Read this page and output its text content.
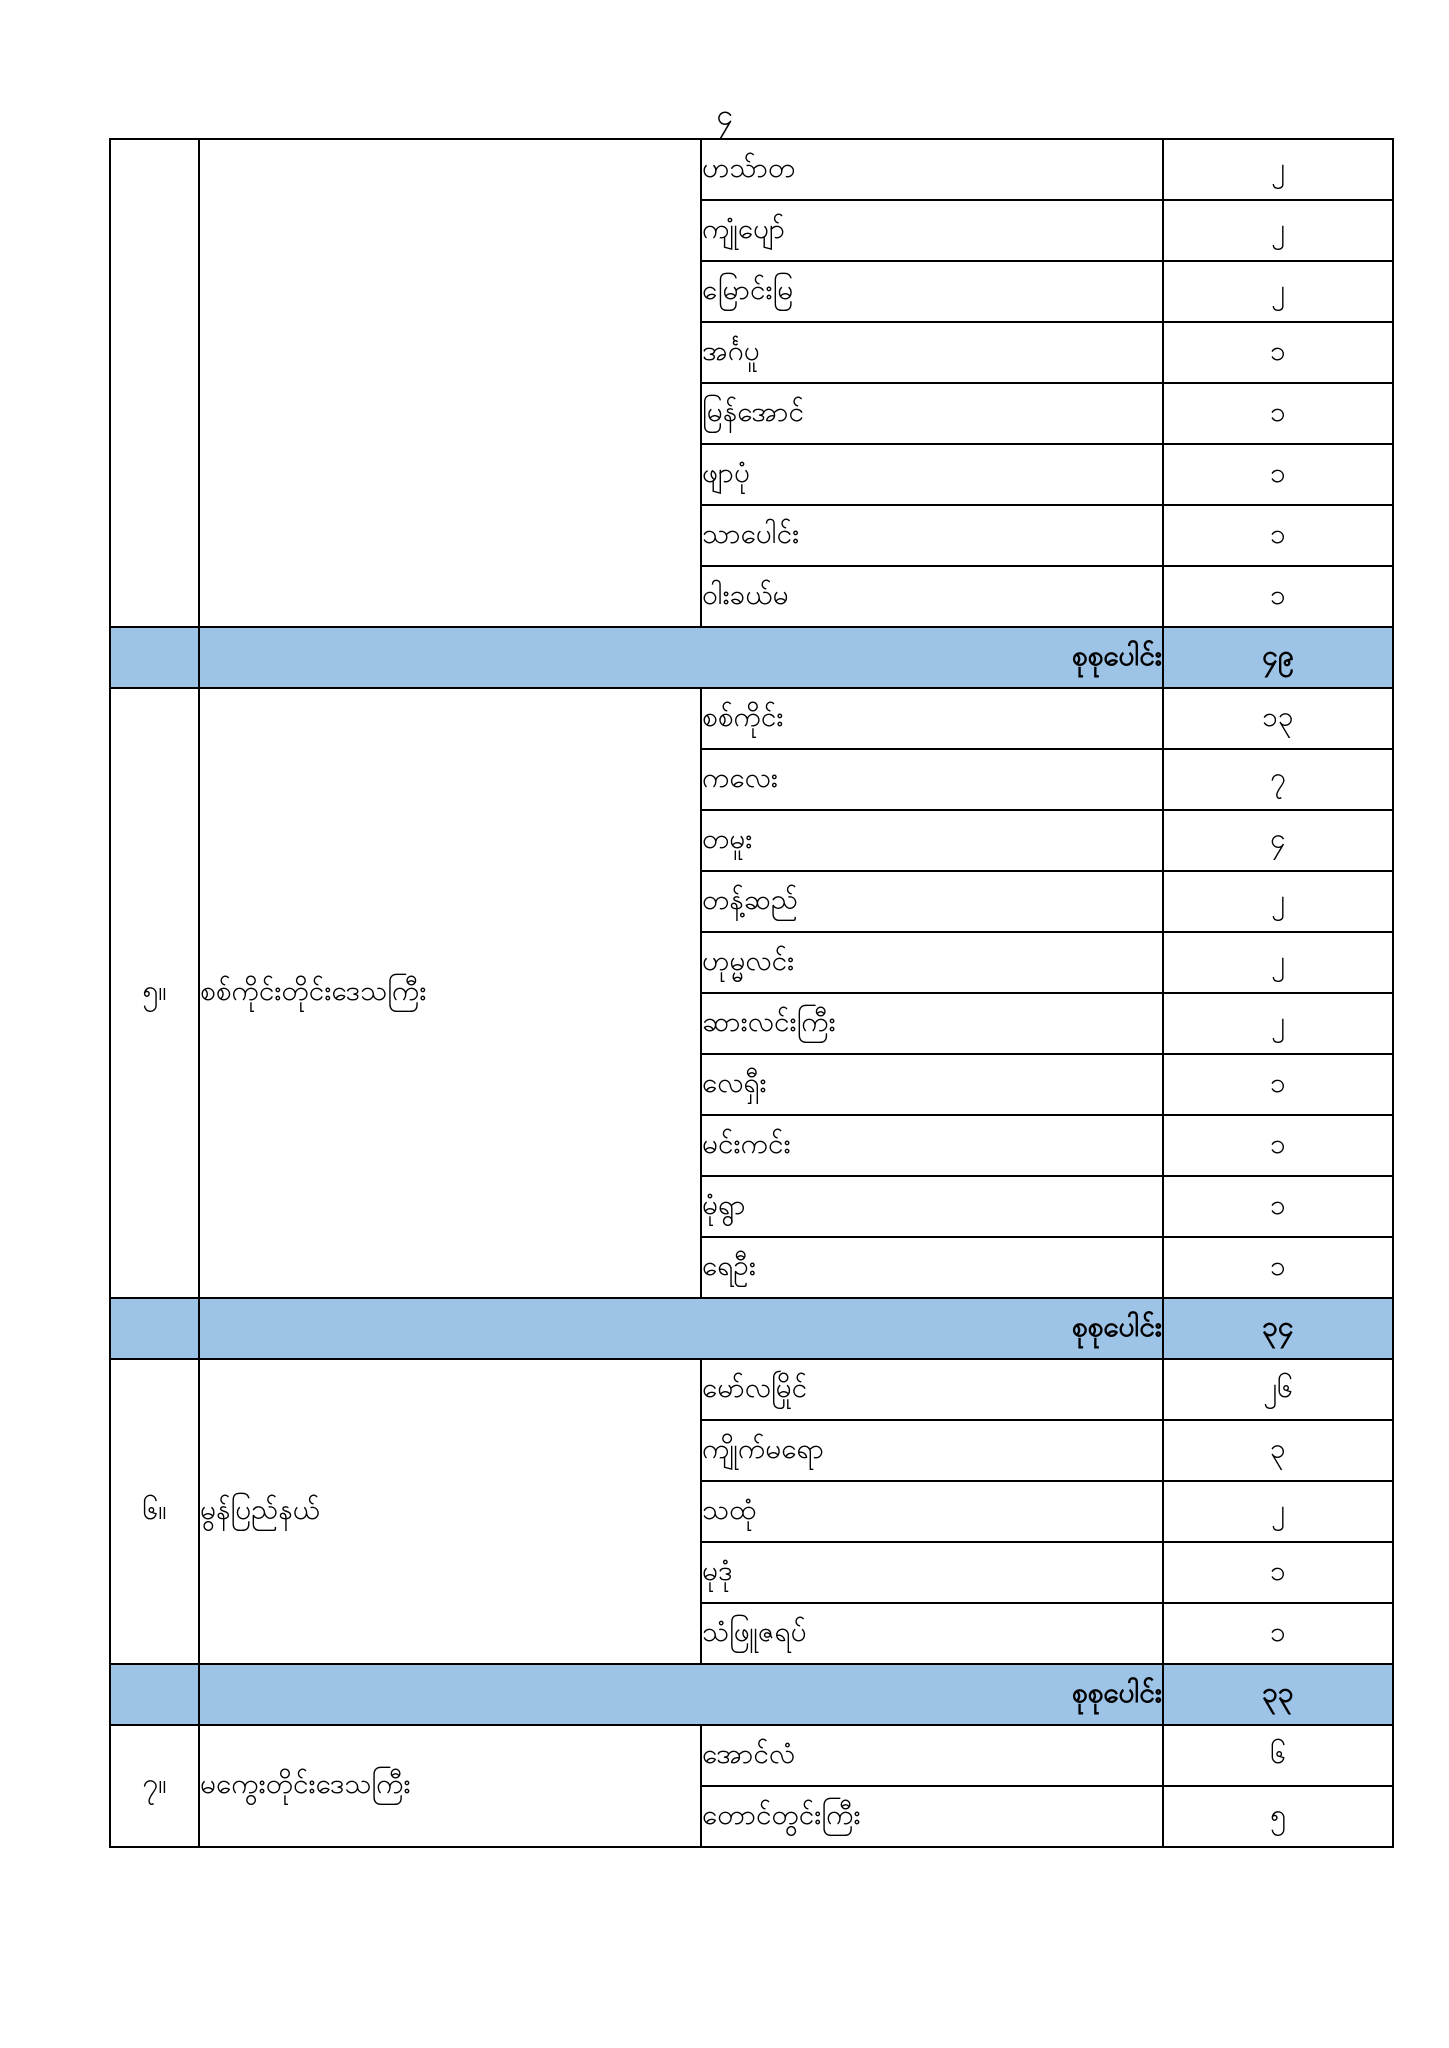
၄
		ဟသ်ာတ	၂
		ကျုံပျော်	၂
		မြောင်းမြ	၂
		အင်္ဂပူ	၁
		မြန်အောင်	၁
		ဖျာပုံ	၁
		သာပေါင်း	၁
		ဝါးခယ်မ	၁
	စုစုပေါင်း		၄၉
၅။	စစ်ကိုင်းတိုင်းဒေသကြီး	စစ်ကိုင်း	၁၃
		ကလေး	၇
		တမူး	၄
		တန့်ဆည်	၂
		ဟုမ္မလင်း	၂
		ဆားလင်းကြီး	၂
		လေရှီး	၁
		မင်းကင်း	၁
		မုံရွာ	၁
		ရေဦး	၁
	စုစုပေါင်း		၃၄
၆။	မွန်ပြည်နယ်	မော်လမြိုင်	၂၆
		ကျိုက်မရော	၃
		သထုံ	၂
		မုဒုံ	၁
		သံဖြူဇရပ်	၁
	စုစုပေါင်း		၃၃
၇။	မကွေးတိုင်းဒေသကြီး	အောင်လံ	၆
		တောင်တွင်းကြီး	၅
